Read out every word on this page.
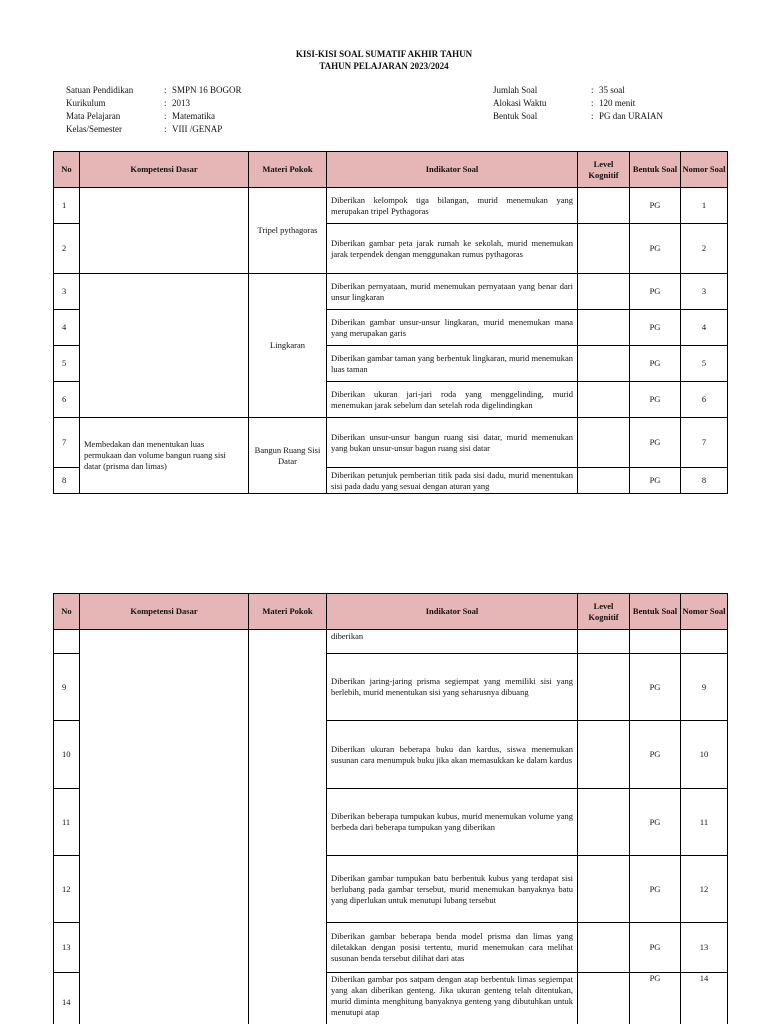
KISI-KISI SOAL SUMATIF AKHIR TAHUN
TAHUN PELAJARAN 2023/2024
Satuan Pendidikan	: SMPN 16 BOGOR
Kurikulum	: 2013
Mata Pelajaran	: Matematika
Kelas/Semester	: VIII /GENAP
Jumlah Soal	: 35 soal
Alokasi Waktu	: 120 menit
Bentuk Soal	: PG dan URAIAN
No	Kompetensi Dasar	Materi Pokok	Indikator Soal	Level Kognitif	Bentuk Soal	Nomor Soal
1		Tripel pythagoras	Diberikan kelompok tiga bilangan, murid menemukan yang merupakan tripel Pythagoras		PG	1
2			Diberikan gambar peta jarak rumah ke sekolah, murid menemukan jarak terpendek dengan menggunakan rumus pythagoras		PG	2
3		Lingkaran	Diberikan pernyataan, murid menemukan pernyataan yang benar dari unsur lingkaran		PG	3
4			Diberikan gambar unsur-unsur lingkaran, murid menemukan mana yang merupakan garis		PG	4
5			Diberikan gambar taman yang berbentuk lingkaran, murid menemukan luas taman		PG	5
6			Diberikan ukuran jari-jari roda yang menggelinding, murid menemukan jarak sebelum dan setelah roda digelindingkan		PG	6
7	Membedakan dan menentukan luas permukaan dan volume bangun ruang sisi datar (prisma dan limas)	Bangun Ruang Sisi Datar	Diberikan unsur-unsur bangun ruang sisi datar, murid memenukan yang bukan unsur-unsur bagun ruang sisi datar		PG	7
8			Diberikan petunjuk pemberian titik pada sisi dadu, murid menentukan sisi pada dadu yang sesuai dengan aturan yang		PG	8
No	Kompetensi Dasar	Materi Pokok	Indikator Soal	Level Kognitif	Bentuk Soal	Nomor Soal
			diberikan			
9			Diberikan jaring-jaring prisma segiempat yang memiliki sisi yang berlebih, murid menentukan sisi yang seharusnya dibuang		PG	9
10			Diberikan ukuran beberapa buku dan kardus, siswa menemukan susunan cara menumpuk buku jika akan memasukkan ke dalam kardus		PG	10
11			Diberikan beberapa tumpukan kubus, murid menemukan volume yang berbeda dari beberapa tumpukan yang diberikan		PG	11
12			Diberikan gambar tumpukan batu berbentuk kubus yang terdapat sisi berlubang pada gambar tersebut, murid menemukan banyaknya batu yang diperlukan untuk menutupi lubang tersebut		PG	12
13			Diberikan gambar beberapa benda model prisma dan limas yang diletakkan dengan posisi tertentu, murid menemukan cara melihat susunan benda tersebut dilihat dari atas		PG	13
14			Diberikan gambar pos satpam dengan atap berbentuk limas segiempat yang akan diberikan genteng. Jika ukuran genteng telah ditentukan, murid diminta menghitung banyaknya genteng yang dibutuhkan untuk menutupi atap		PG	14
